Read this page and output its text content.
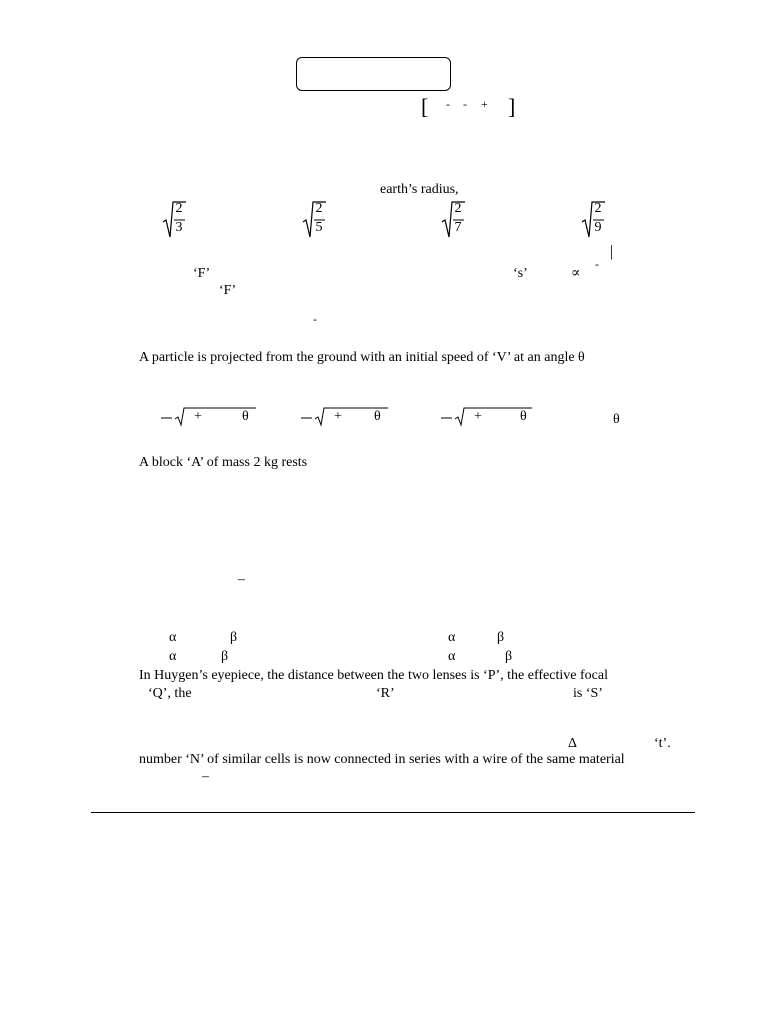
[ - - + ]
earth’s radius,
2
3
2
5
2
7
2
9
|
‘F’	‘s’	∝
-
‘F’
-
A particle is projected from the ground with an initial speed of ‘V’ at an angle θ
+	θ	+ θ	+	θ	θ
A block ‘A’ of mass 2 kg rests
–
α	β	α	β
α	β	α	β
In Huygen’s eyepiece, the distance between the two lenses is ‘P’, the effective focal
‘Q’, the	‘R’	is ‘S’
Δ	‘t’.
number ‘N’ of similar cells is now connected in series with a wire of the same material
–
